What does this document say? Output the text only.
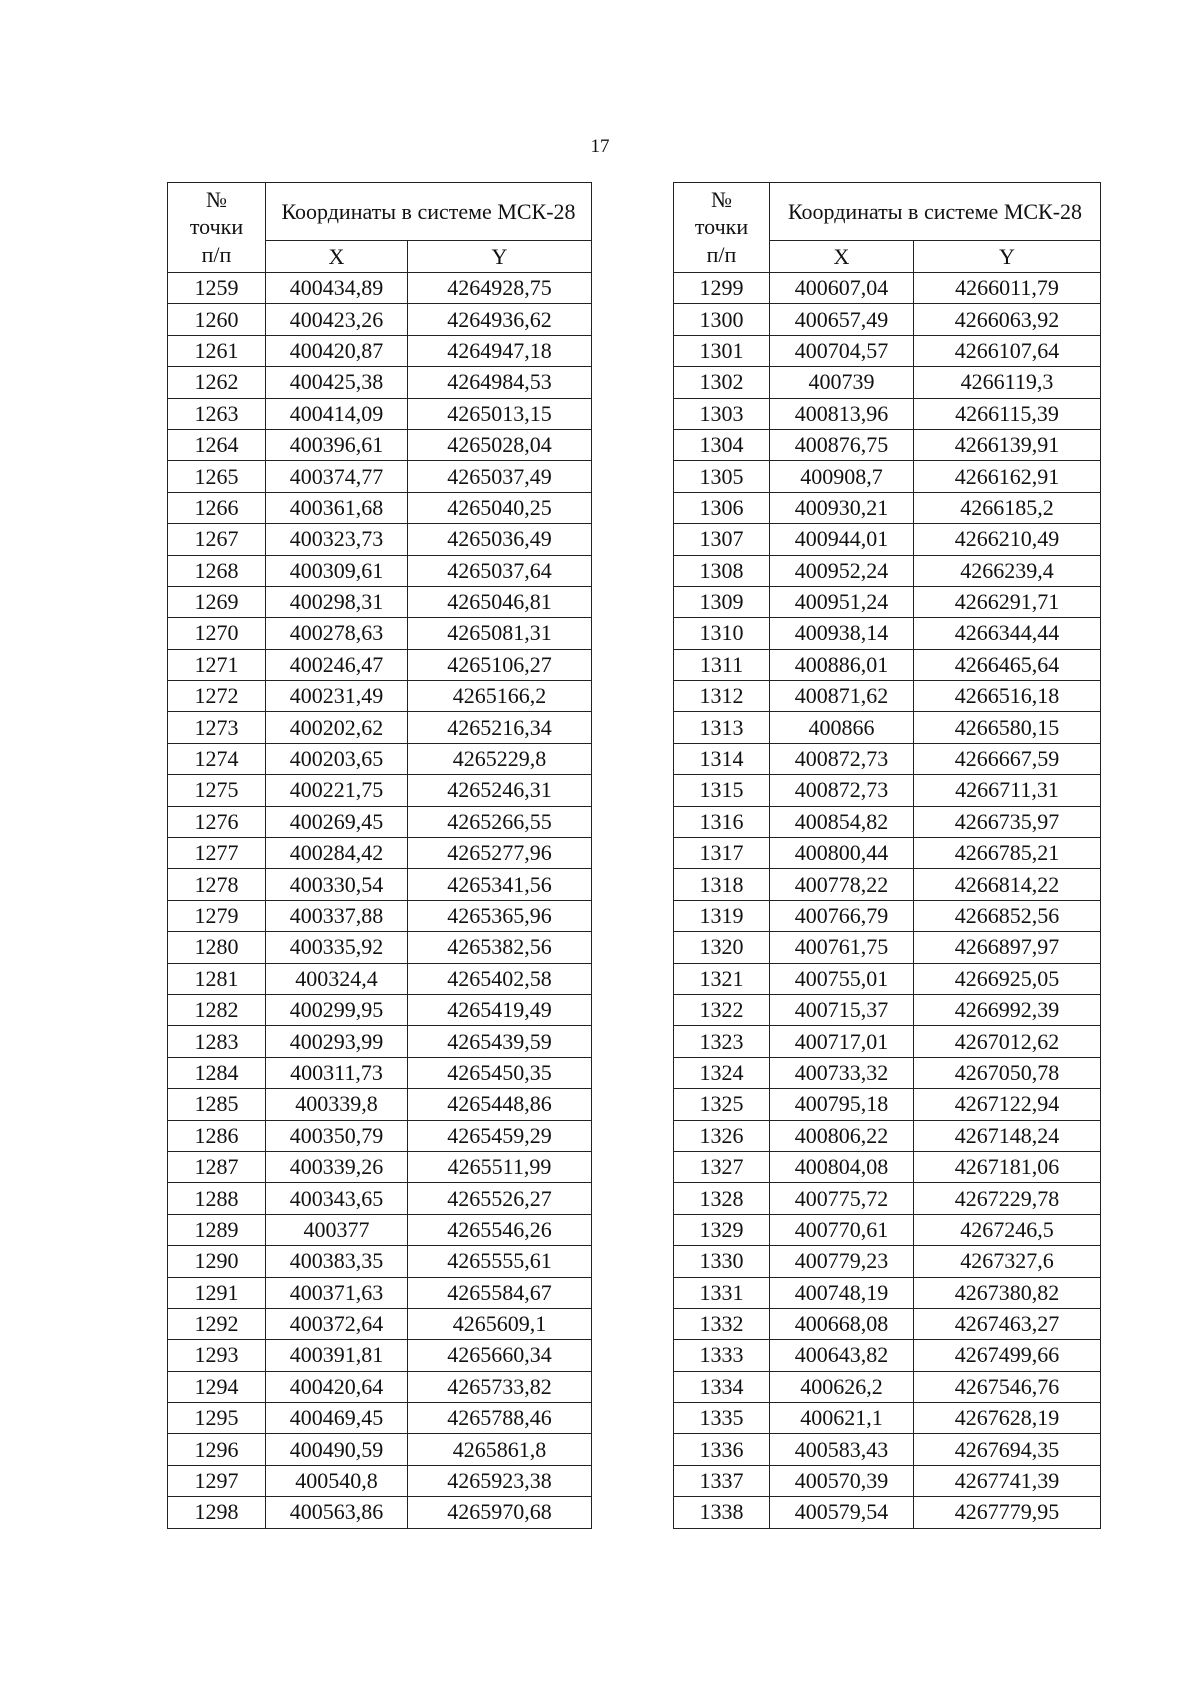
17
№
точки
п/п	Координаты в системе МСК-28	
	X	Y
1259	400434,89	4264928,75
1260	400423,26	4264936,62
1261	400420,87	4264947,18
1262	400425,38	4264984,53
1263	400414,09	4265013,15
1264	400396,61	4265028,04
1265	400374,77	4265037,49
1266	400361,68	4265040,25
1267	400323,73	4265036,49
1268	400309,61	4265037,64
1269	400298,31	4265046,81
1270	400278,63	4265081,31
1271	400246,47	4265106,27
1272	400231,49	4265166,2
1273	400202,62	4265216,34
1274	400203,65	4265229,8
1275	400221,75	4265246,31
1276	400269,45	4265266,55
1277	400284,42	4265277,96
1278	400330,54	4265341,56
1279	400337,88	4265365,96
1280	400335,92	4265382,56
1281	400324,4	4265402,58
1282	400299,95	4265419,49
1283	400293,99	4265439,59
1284	400311,73	4265450,35
1285	400339,8	4265448,86
1286	400350,79	4265459,29
1287	400339,26	4265511,99
1288	400343,65	4265526,27
1289	400377	4265546,26
1290	400383,35	4265555,61
1291	400371,63	4265584,67
1292	400372,64	4265609,1
1293	400391,81	4265660,34
1294	400420,64	4265733,82
1295	400469,45	4265788,46
1296	400490,59	4265861,8
1297	400540,8	4265923,38
1298	400563,86	4265970,68
№
точки
п/п	Координаты в системе МСК-28	
	X	Y
1299	400607,04	4266011,79
1300	400657,49	4266063,92
1301	400704,57	4266107,64
1302	400739	4266119,3
1303	400813,96	4266115,39
1304	400876,75	4266139,91
1305	400908,7	4266162,91
1306	400930,21	4266185,2
1307	400944,01	4266210,49
1308	400952,24	4266239,4
1309	400951,24	4266291,71
1310	400938,14	4266344,44
1311	400886,01	4266465,64
1312	400871,62	4266516,18
1313	400866	4266580,15
1314	400872,73	4266667,59
1315	400872,73	4266711,31
1316	400854,82	4266735,97
1317	400800,44	4266785,21
1318	400778,22	4266814,22
1319	400766,79	4266852,56
1320	400761,75	4266897,97
1321	400755,01	4266925,05
1322	400715,37	4266992,39
1323	400717,01	4267012,62
1324	400733,32	4267050,78
1325	400795,18	4267122,94
1326	400806,22	4267148,24
1327	400804,08	4267181,06
1328	400775,72	4267229,78
1329	400770,61	4267246,5
1330	400779,23	4267327,6
1331	400748,19	4267380,82
1332	400668,08	4267463,27
1333	400643,82	4267499,66
1334	400626,2	4267546,76
1335	400621,1	4267628,19
1336	400583,43	4267694,35
1337	400570,39	4267741,39
1338	400579,54	4267779,95
